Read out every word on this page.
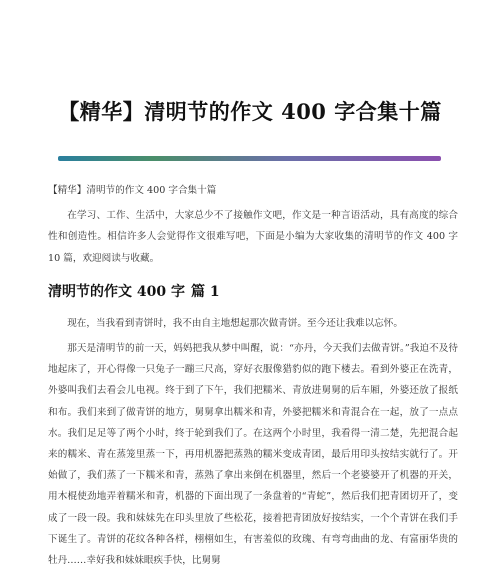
【精华】清明节的作文 400 字合集十篇

【精华】清明节的作文 400 字合集十篇

在学习、工作、生活中，大家总少不了接触作文吧，作文是一种言语活动，具有高度的综合性和创造性。相信许多人会觉得作文很难写吧，下面是小编为大家收集的清明节的作文 400 字 10 篇，欢迎阅读与收藏。

清明节的作文 400 字 篇 1

现在，当我看到青饼时，我不由自主地想起那次做青饼。至今还让我难以忘怀。

那天是清明节的前一天，妈妈把我从梦中叫醒，说：“亦丹，今天我们去做青饼。”我迫不及待地起床了，开心得像一只兔子一蹦三尺高，穿好衣服像猎豹似的跑下楼去。看到外婆正在洗青，外婆叫我们去看会儿电视。终于到了下午，我们把糯米、青放进舅舅的后车厢，外婆还放了报纸和布。我们来到了做青饼的地方，舅舅拿出糯米和青，外婆把糯米和青混合在一起，放了一点点水。我们足足等了两个小时，终于轮到我们了。在这两个小时里，我看得一清二楚，先把混合起来的糯米、青在蒸笼里蒸一下，再用机器把蒸熟的糯米变成青团，最后用印头按结实就行了。开始做了，我们蒸了一下糯米和青，蒸熟了拿出来倒在机器里，然后一个老婆婆开了机器的开关，用木棍使劲地弄着糯米和青，机器的下面出现了一条盘着的“青蛇”，然后我们把青团切开了，变成了一段一段。我和妹妹先在印头里放了些松花，接着把青团放好按结实，一个个青饼在我们手下诞生了。青饼的花纹各种各样，栩栩如生，有害羞似的玫瑰、有弯弯曲曲的龙、有富丽华贵的牡丹……幸好我和妹妹眼疾手快，比舅舅
